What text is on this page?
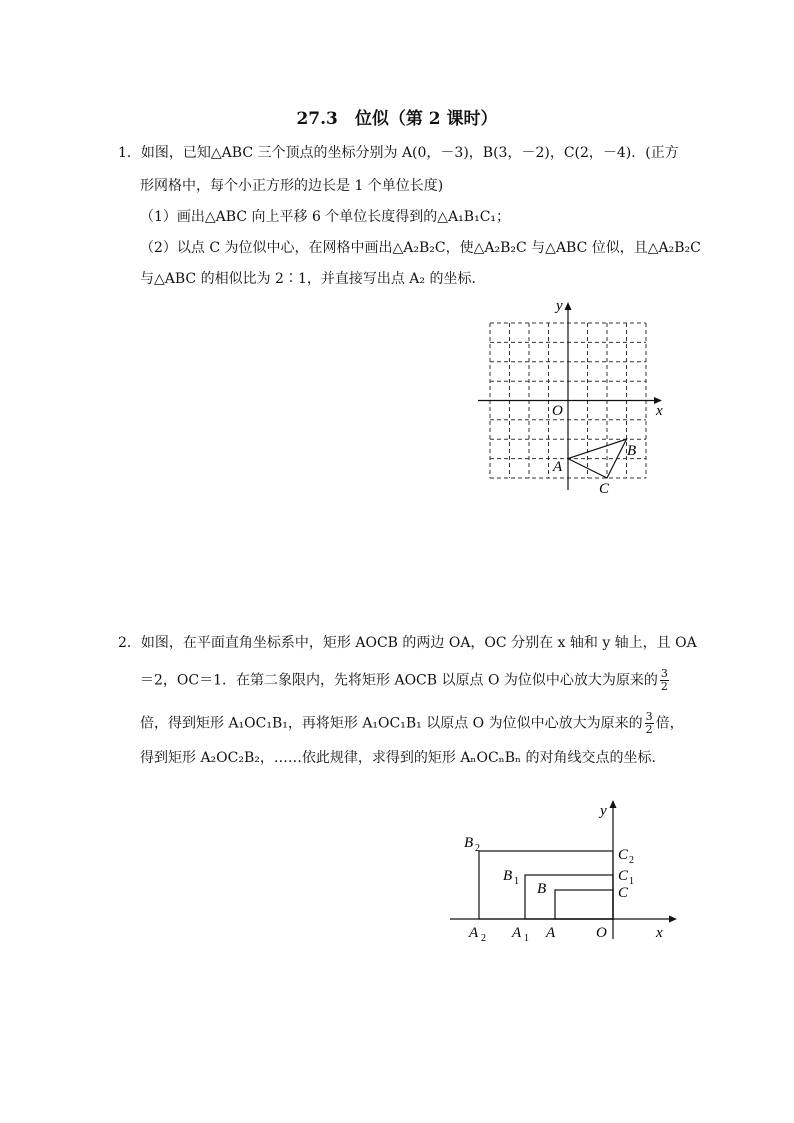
27.3　位似（第 2 课时）
1．如图，已知△ABC 三个顶点的坐标分别为 A(0，－3)，B(3，－2)，C(2，－4)．(正方
形网格中，每个小正方形的边长是 1 个单位长度)
（1）画出△ABC 向上平移 6 个单位长度得到的△A₁B₁C₁；
（2）以点 C 为位似中心，在网格中画出△A₂B₂C，使△A₂B₂C 与△ABC 位似，且△A₂B₂C
与△ABC 的相似比为 2∶1，并直接写出点 A₂ 的坐标．
y
x
O
A
B
C
2．如图，在平面直角坐标系中，矩形 AOCB 的两边 OA，OC 分别在 x 轴和 y 轴上，且 OA
＝2，OC＝1．在第二象限内，先将矩形 AOCB 以原点 O 为位似中心放大为原来的 $\frac{3}{2}$
倍，得到矩形 A₁OC₁B₁，再将矩形 A₁OC₁B₁ 以原点 O 为位似中心放大为原来的 $\frac{3}{2}$ 倍，
得到矩形 A₂OC₂B₂，……依此规律，求得到的矩形 AₙOCₙBₙ 的对角线交点的坐标．
y
x
O
A
A 1
A 2
B
B 1
B 2
C
C 1
C 2
